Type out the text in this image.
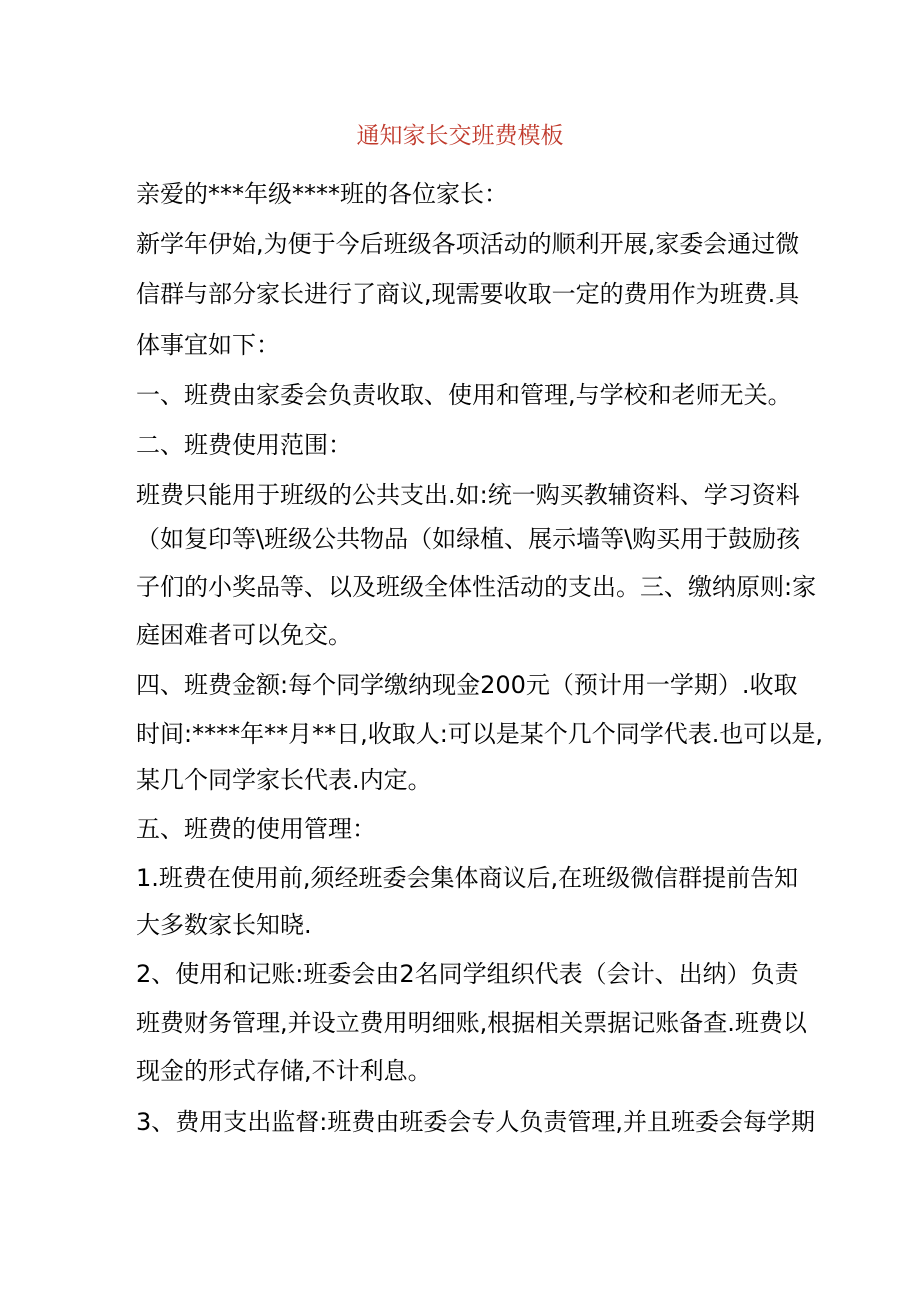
通知家长交班费模板

亲爱的***年级****班的各位家长：

新学年伊始,为便于今后班级各项活动的顺利开展,家委会通过微

信群与部分家长进行了商议,现需要收取一定的费用作为班费.具

体事宜如下：

一、班费由家委会负责收取、使用和管理,与学校和老师无关。

二、班费使用范围：

班费只能用于班级的公共支出.如:统一购买教辅资料、学习资料

（如复印等\班级公共物品（如绿植、展示墙等\购买用于鼓励孩

子们的小奖品等、以及班级全体性活动的支出。三、缴纳原则:家

庭困难者可以免交。

四、班费金额:每个同学缴纳现金200元（预计用一学期）.收取

时间:****年**月**日,收取人:可以是某个几个同学代表.也可以是,

某几个同学家长代表.内定。

五、班费的使用管理：

1.班费在使用前,须经班委会集体商议后,在班级微信群提前告知

大多数家长知晓.

2、使用和记账:班委会由2名同学组织代表（会计、出纳）负责

班费财务管理,并设立费用明细账,根据相关票据记账备查.班费以

现金的形式存储,不计利息。

3、费用支出监督:班费由班委会专人负责管理,并且班委会每学期
